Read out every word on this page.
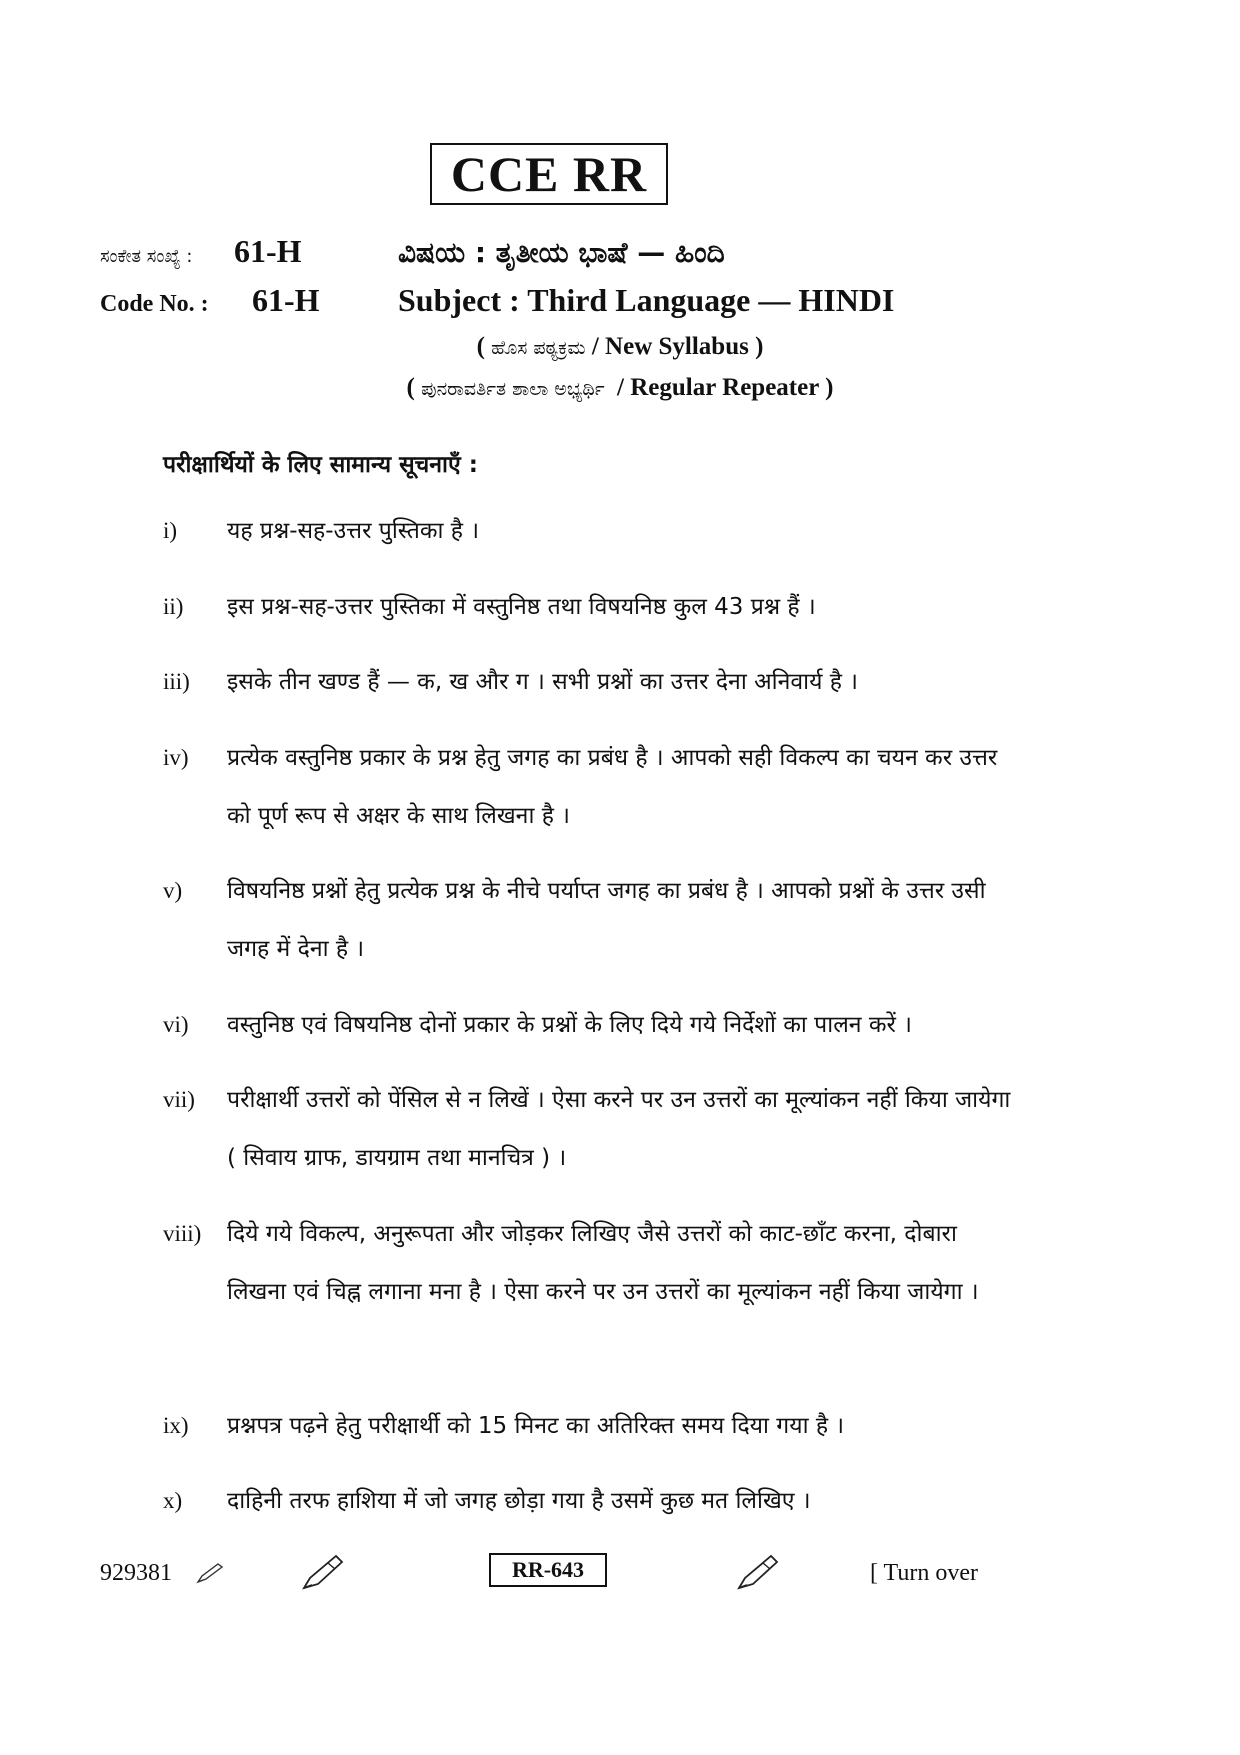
CCE RR
ಸಂಕೇತ ಸಂಖ್ಯೆ : 61-H	ವಿಷಯ : ತೃತೀಯ ಭಾಷೆ — ಹಿಂದಿ
Code No. : 61-H Subject : Third Language — HINDI
( ಹೊಸ ಪಠ್ಯಕ್ರಮ / New Syllabus )
( ಪುನರಾವರ್ತಿತ ಶಾಲಾ ಅಭ್ಯರ್ಥಿ  / Regular Repeater )
परीक्षार्थियों के लिए सामान्य सूचनाएँ :
i)	यह प्रश्न-सह-उत्तर पुस्तिका है ।
ii)	इस प्रश्न-सह-उत्तर पुस्तिका में वस्तुनिष्ठ तथा विषयनिष्ठ कुल 43 प्रश्न हैं ।
iii)	इसके तीन खण्ड हैं — क, ख और ग । सभी प्रश्नों का उत्तर देना अनिवार्य है ।
iv)	प्रत्येक वस्तुनिष्ठ प्रकार के प्रश्न हेतु जगह का प्रबंध है । आपको सही विकल्प का चयन कर उत्तर को पूर्ण रूप से अक्षर के साथ लिखना है ।
v)	विषयनिष्ठ प्रश्नों हेतु प्रत्येक प्रश्न के नीचे पर्याप्त जगह का प्रबंध है । आपको प्रश्नों के उत्तर उसी जगह में देना है ।
vi)	वस्तुनिष्ठ एवं विषयनिष्ठ दोनों प्रकार के प्रश्नों के लिए दिये गये निर्देशों का पालन करें ।
vii)	परीक्षार्थी उत्तरों को पेंसिल से न लिखें । ऐसा करने पर उन उत्तरों का मूल्यांकन नहीं किया जायेगा ( सिवाय ग्राफ, डायग्राम तथा मानचित्र ) ।
viii)	दिये गये विकल्प, अनुरूपता और जोड़कर लिखिए जैसे उत्तरों को काट-छाँट करना, दोबारा लिखना एवं चिह्न लगाना मना है । ऐसा करने पर उन उत्तरों का मूल्यांकन नहीं किया जायेगा ।
ix)	प्रश्नपत्र पढ़ने हेतु परीक्षार्थी को 15 मिनट का अतिरिक्त समय दिया गया है ।
x)	दाहिनी तरफ हाशिया में जो जगह छोड़ा गया है उसमें कुछ मत लिखिए ।
929381	RR-643	[ Turn over
